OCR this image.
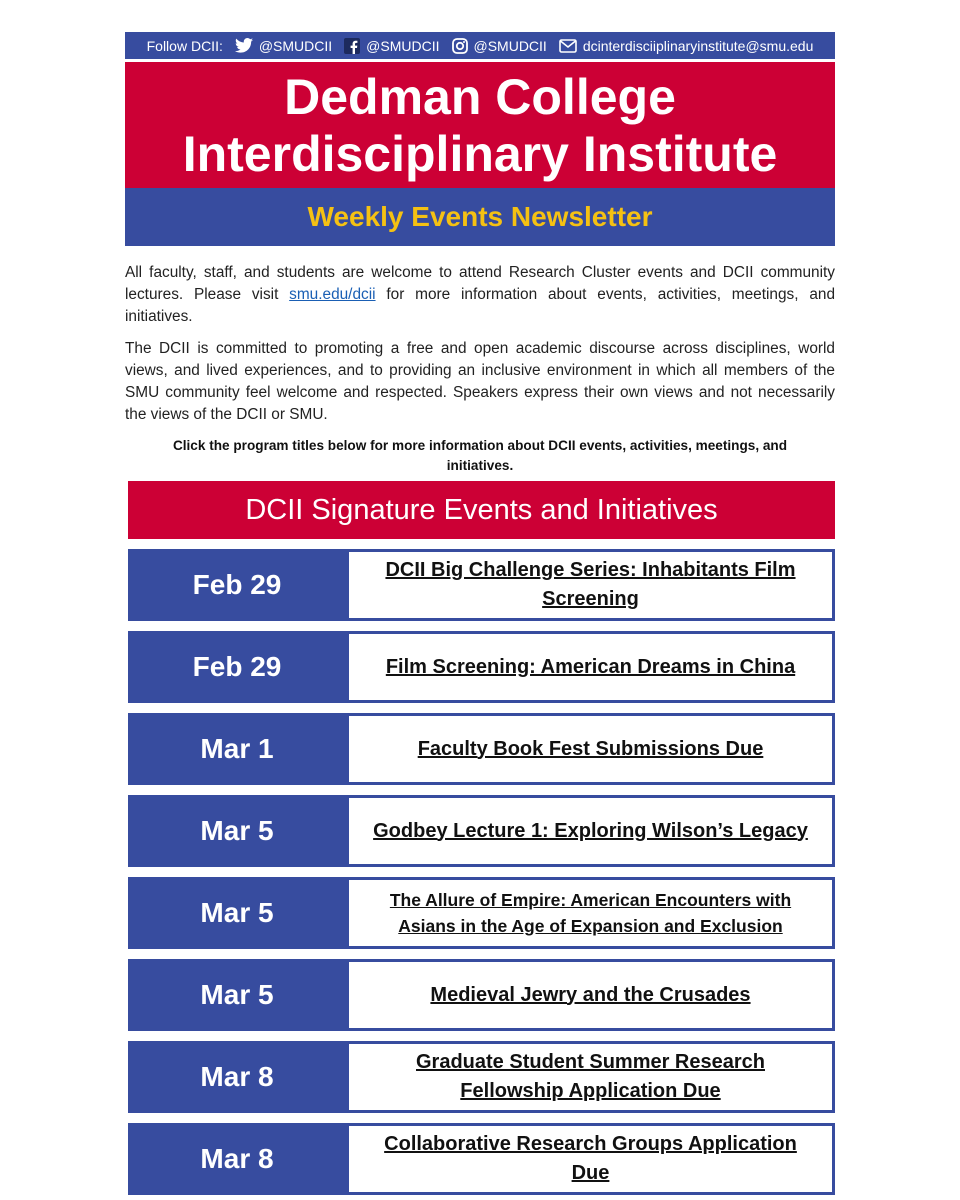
Follow DCII:	@SMUDCII @SMUDCII @SMUDCII	dcinterdisciiplinaryinstitute@smu.edu
Dedman College
Interdisciplinary Institute
Weekly Events Newsletter

All faculty, staff, and students are welcome to attend Research Cluster events and DCII community lectures. Please visit smu.edu/dcii for more information about events, activities, meetings, and initiatives.

The DCII is committed to promoting a free and open academic discourse across disciplines, world views, and lived experiences, and to providing an inclusive environment in which all members of the SMU community feel welcome and respected. Speakers express their own views and not necessarily the views of the DCII or SMU.

Click the program titles below for more information about DCII events, activities, meetings, and initiatives.
DCII Signature Events and Initiatives
Feb 29	DCII Big Challenge Series: Inhabitants Film Screening
Feb 29	Film Screening: American Dreams in China
Mar 1	Faculty Book Fest Submissions Due
Mar 5	Godbey Lecture 1: Exploring Wilson’s Legacy
Mar 5	The Allure of Empire: American Encounters with Asians in the Age of Expansion and Exclusion
Mar 5	Medieval Jewry and the Crusades
Mar 8	Graduate Student Summer Research Fellowship Application Due
Mar 8	Collaborative Research Groups Application Due
